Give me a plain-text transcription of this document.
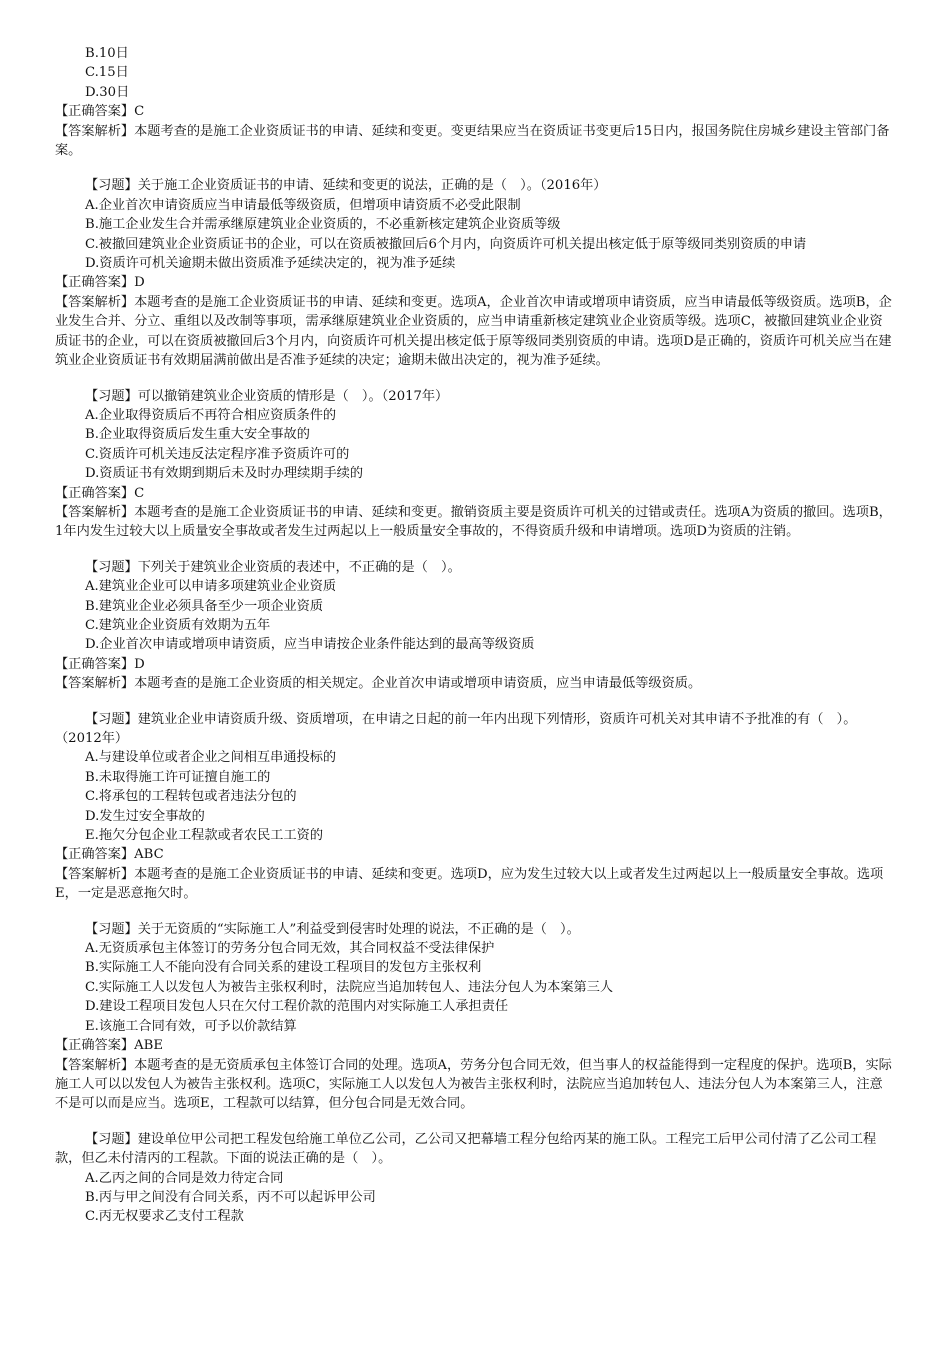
B.10日
C.15日
D.30日
【正确答案】C
【答案解析】本题考查的是施工企业资质证书的申请、延续和变更。变更结果应当在资质证书变更后15日内，报国务院住房城乡建设主管部门备案。
【习题】关于施工企业资质证书的申请、延续和变更的说法，正确的是（　）。（2016年）
A.企业首次申请资质应当申请最低等级资质，但增项申请资质不必受此限制
B.施工企业发生合并需承继原建筑业企业资质的，不必重新核定建筑企业资质等级
C.被撤回建筑业企业资质证书的企业，可以在资质被撤回后6个月内，向资质许可机关提出核定低于原等级同类别资质的申请
D.资质许可机关逾期未做出资质准予延续决定的，视为准予延续
【正确答案】D
【答案解析】本题考查的是施工企业资质证书的申请、延续和变更。选项A，企业首次申请或增项申请资质，应当申请最低等级资质。选项B，企业发生合并、分立、重组以及改制等事项，需承继原建筑业企业资质的，应当申请重新核定建筑业企业资质等级。选项C，被撤回建筑业企业资质证书的企业，可以在资质被撤回后3个月内，向资质许可机关提出核定低于原等级同类别资质的申请。选项D是正确的，资质许可机关应当在建筑业企业资质证书有效期届满前做出是否准予延续的决定；逾期未做出决定的，视为准予延续。
【习题】可以撤销建筑业企业资质的情形是（　）。（2017年）
A.企业取得资质后不再符合相应资质条件的
B.企业取得资质后发生重大安全事故的
C.资质许可机关违反法定程序准予资质许可的
D.资质证书有效期到期后未及时办理续期手续的
【正确答案】C
【答案解析】本题考查的是施工企业资质证书的申请、延续和变更。撤销资质主要是资质许可机关的过错或责任。选项A为资质的撤回。选项B，1年内发生过较大以上质量安全事故或者发生过两起以上一般质量安全事故的，不得资质升级和申请增项。选项D为资质的注销。
【习题】下列关于建筑业企业资质的表述中，不正确的是（　）。
A.建筑业企业可以申请多项建筑业企业资质
B.建筑业企业必须具备至少一项企业资质
C.建筑业企业资质有效期为五年
D.企业首次申请或增项申请资质，应当申请按企业条件能达到的最高等级资质
【正确答案】D
【答案解析】本题考查的是施工企业资质的相关规定。企业首次申请或增项申请资质，应当申请最低等级资质。
【习题】建筑业企业申请资质升级、资质增项，在申请之日起的前一年内出现下列情形，资质许可机关对其申请不予批准的有（　）。（2012年）
A.与建设单位或者企业之间相互串通投标的
B.未取得施工许可证擅自施工的
C.将承包的工程转包或者违法分包的
D.发生过安全事故的
E.拖欠分包企业工程款或者农民工工资的
【正确答案】ABC
【答案解析】本题考查的是施工企业资质证书的申请、延续和变更。选项D，应为发生过较大以上或者发生过两起以上一般质量安全事故。选项E，一定是恶意拖欠时。
【习题】关于无资质的“实际施工人”利益受到侵害时处理的说法，不正确的是（　）。
A.无资质承包主体签订的劳务分包合同无效，其合同权益不受法律保护
B.实际施工人不能向没有合同关系的建设工程项目的发包方主张权利
C.实际施工人以发包人为被告主张权利时，法院应当追加转包人、违法分包人为本案第三人
D.建设工程项目发包人只在欠付工程价款的范围内对实际施工人承担责任
E.该施工合同有效，可予以价款结算
【正确答案】ABE
【答案解析】本题考查的是无资质承包主体签订合同的处理。选项A，劳务分包合同无效，但当事人的权益能得到一定程度的保护。选项B，实际施工人可以以发包人为被告主张权利。选项C，实际施工人以发包人为被告主张权利时，法院应当追加转包人、违法分包人为本案第三人，注意不是可以而是应当。选项E，工程款可以结算，但分包合同是无效合同。
【习题】建设单位甲公司把工程发包给施工单位乙公司，乙公司又把幕墙工程分包给丙某的施工队。工程完工后甲公司付清了乙公司工程款，但乙未付清丙的工程款。下面的说法正确的是（　）。
A.乙丙之间的合同是效力待定合同
B.丙与甲之间没有合同关系，丙不可以起诉甲公司
C.丙无权要求乙支付工程款
